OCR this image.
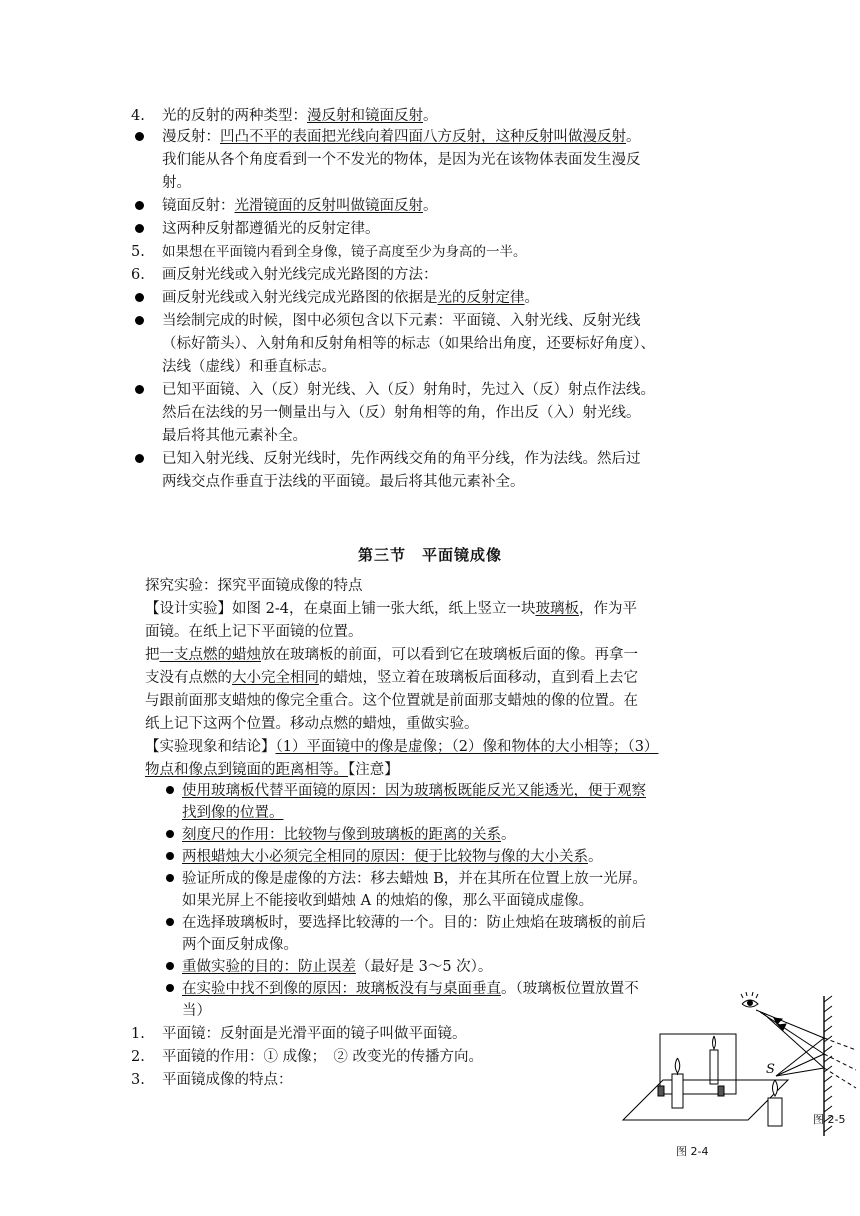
4. 光的反射的两种类型：漫反射和镜面反射。
漫反射：凹凸不平的表面把光线向着四面八方反射，这种反射叫做漫反射。
我们能从各个角度看到一个不发光的物体，是因为光在该物体表面发生漫反
射。
镜面反射：光滑镜面的反射叫做镜面反射。
这两种反射都遵循光的反射定律。
5. 如果想在平面镜内看到全身像，镜子高度至少为身高的一半。
6. 画反射光线或入射光线完成光路图的方法：
画反射光线或入射光线完成光路图的依据是光的反射定律。
当绘制完成的时候，图中必须包含以下元素：平面镜、入射光线、反射光线
（标好箭头）、入射角和反射角相等的标志（如果给出角度，还要标好角度）、
法线（虚线）和垂直标志。
已知平面镜、入（反）射光线、入（反）射角时，先过入（反）射点作法线。
然后在法线的另一侧量出与入（反）射角相等的角，作出反（入）射光线。
最后将其他元素补全。
已知入射光线、反射光线时，先作两线交角的角平分线，作为法线。然后过
两线交点作垂直于法线的平面镜。最后将其他元素补全。
第三节　平面镜成像
探究实验：探究平面镜成像的特点
【设计实验】如图 2-4，在桌面上铺一张大纸，纸上竖立一块玻璃板，作为平
面镜。在纸上记下平面镜的位置。
把一支点燃的蜡烛放在玻璃板的前面，可以看到它在玻璃板后面的像。再拿一
支没有点燃的大小完全相同的蜡烛，竖立着在玻璃板后面移动，直到看上去它
与跟前面那支蜡烛的像完全重合。这个位置就是前面那支蜡烛的像的位置。在
纸上记下这两个位置。移动点燃的蜡烛，重做实验。
【实验现象和结论】（1）平面镜中的像是虚像；（2）像和物体的大小相等；（3）
物点和像点到镜面的距离相等。【注意】
使用玻璃板代替平面镜的原因：因为玻璃板既能反光又能透光，便于观察
找到像的位置。
刻度尺的作用：比较物与像到玻璃板的距离的关系。
两根蜡烛大小必须完全相同的原因：便于比较物与像的大小关系。
验证所成的像是虚像的方法：移去蜡烛 B，并在其所在位置上放一光屏。
如果光屏上不能接收到蜡烛 A 的烛焰的像，那么平面镜成虚像。
在选择玻璃板时，要选择比较薄的一个。目的：防止烛焰在玻璃板的前后
两个面反射成像。
重做实验的目的：防止误差（最好是 3～5 次）。
在实验中找不到像的原因：玻璃板没有与桌面垂直。（玻璃板位置放置不
当）
1. 平面镜：反射面是光滑平面的镜子叫做平面镜。
2. 平面镜的作用：① 成像；　② 改变光的传播方向。
3. 平面镜成像的特点：
图 2-4
S
图 2-5
